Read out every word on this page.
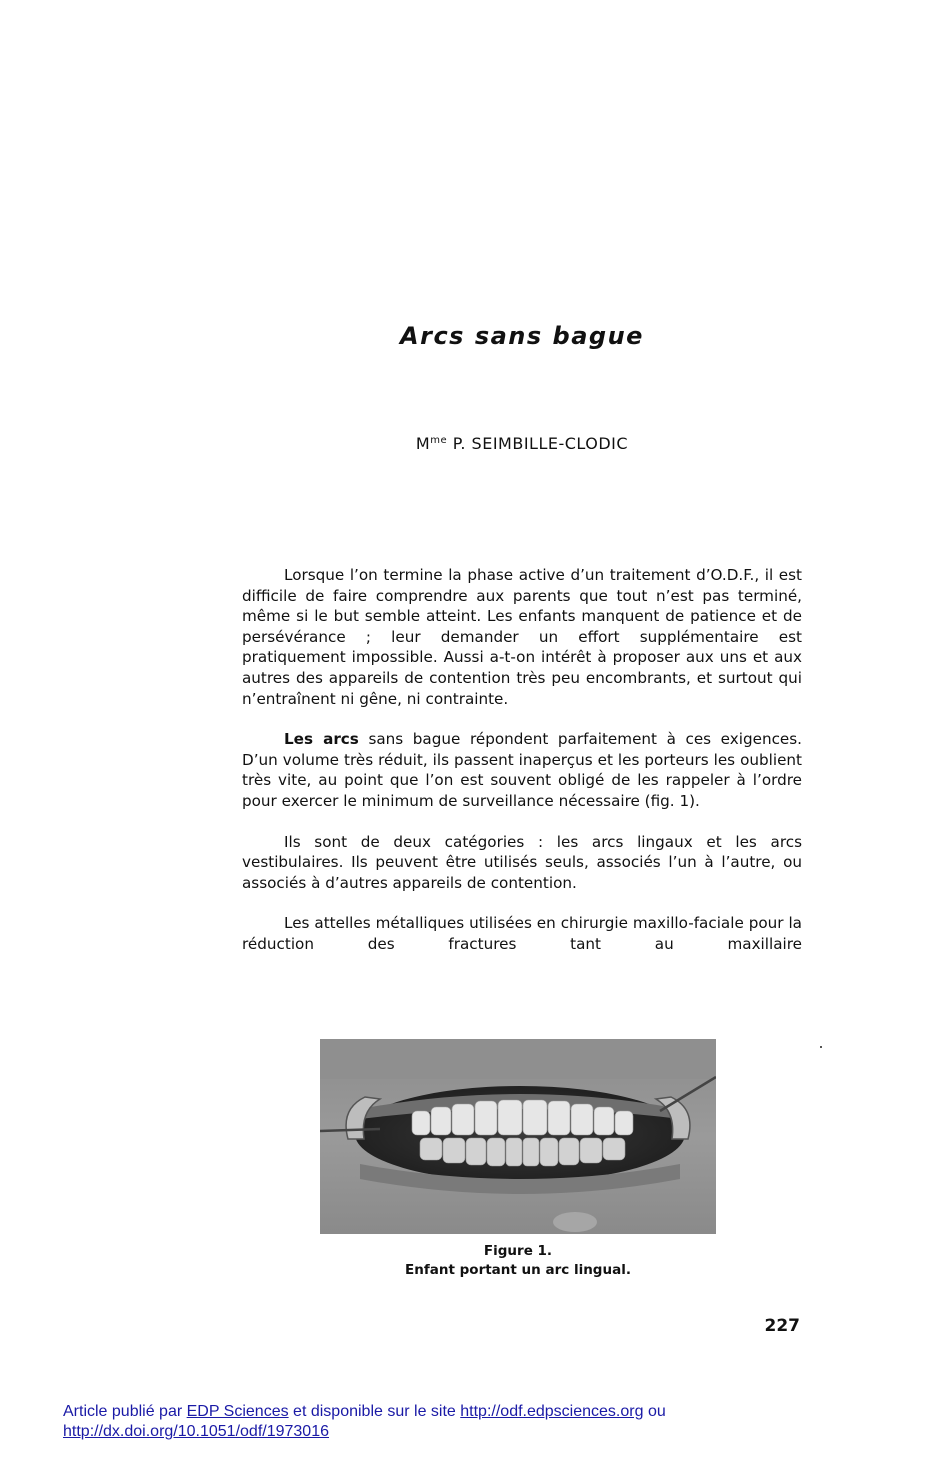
Arcs sans bague
$M^{me}$ P. SEIMBILLE-CLODIC

Lorsque l’on termine la phase active d’un traitement d’O.D.F., il est difficile de faire comprendre aux parents que tout n’est pas terminé, même si le but semble atteint. Les enfants manquent de patience et de persévérance ; leur demander un effort supplémentaire est pratiquement impossible. Aussi a-t-on intérêt à proposer aux uns et aux autres des appareils de contention très peu encombrants, et surtout qui n’entraînent ni gêne, ni contrainte.

Les arcs sans bague répondent parfaitement à ces exigences. D’un volume très réduit, ils passent inaperçus et les porteurs les oublient très vite, au point que l’on est souvent obligé de les rappeler à l’ordre pour exercer le minimum de surveillance nécessaire (fig. 1).

Ils sont de deux catégories : les arcs lingaux et les arcs vestibulaires. Ils peuvent être utilisés seuls, associés l’un à l’autre, ou associés à d’autres appareils de contention.

Les attelles métalliques utilisées en chirurgie maxillo-faciale pour la réduction des fractures tant au maxillaire

Figure 1.
Enfant portant un arc lingual.
227
Article publié par EDP Sciences et disponible sur le site http://odf.edpsciences.org ou
http://dx.doi.org/10.1051/odf/1973016
